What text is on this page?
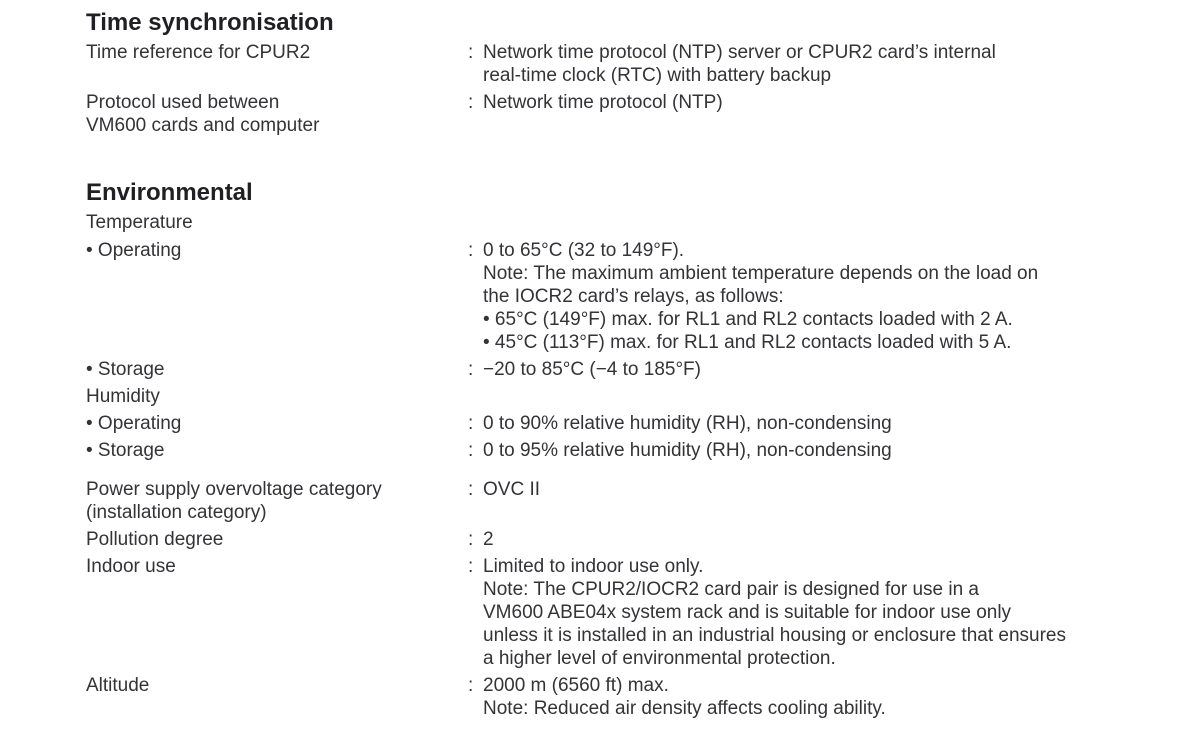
Time synchronisation
Time reference for CPUR2	: Network time protocol (NTP) server or CPUR2 card’s internal
real-time clock (RTC) with battery backup
Protocol used between
VM600 cards and computer
: Network time protocol (NTP)
Environmental
Temperature
• Operating	: 0 to 65°C (32 to 149°F).
Note: The maximum ambient temperature depends on the load on
the IOCR2 card’s relays, as follows:
• 65°C (149°F) max. for RL1 and RL2 contacts loaded with 2 A.
• 45°C (113°F) max. for RL1 and RL2 contacts loaded with 5 A.
• Storage	: −20 to 85°C (−4 to 185°F)
Humidity
• Operating	: 0 to 90% relative humidity (RH), non-condensing
• Storage	: 0 to 95% relative humidity (RH), non-condensing
Power supply overvoltage category
(installation category)
: OVC II
Pollution degree	: 2
Indoor use	: Limited to indoor use only.
Note: The CPUR2/IOCR2 card pair is designed for use in a
VM600 ABE04x system rack and is suitable for indoor use only
unless it is installed in an industrial housing or enclosure that ensures
a higher level of environmental protection.
Altitude	: 2000 m (6560 ft) max.
Note: Reduced air density affects cooling ability.
